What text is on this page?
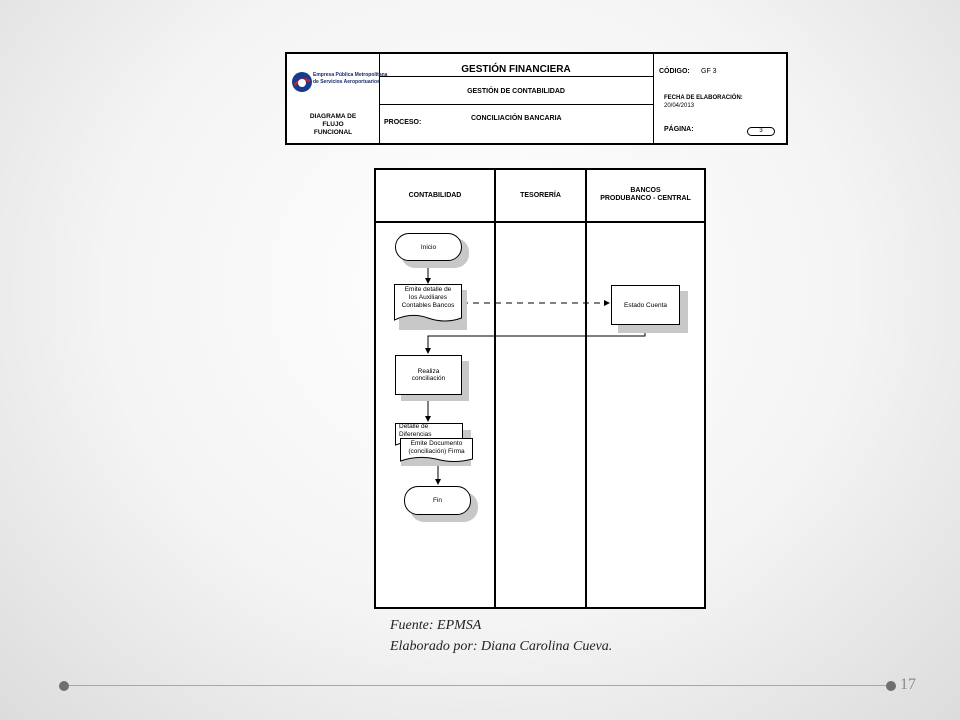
Empresa Pública Metropolitana
de Servicios Aeroportuarios
DIAGRAMA DE
FLUJO
FUNCIONAL
GESTIÓN FINANCIERA
GESTIÓN DE CONTABILIDAD
PROCESO:
CONCILIACIÓN BANCARIA
CÓDIGO: GF 3
FECHA DE ELABORACIÓN:
20/04/2013
PÁGINA:	3
CONTABILIDAD	TESORERÍA
BANCOS
PRODUBANCO - CENTRAL
Inicio
Emite detalle de
los Auxiliares
Contables Bancos	Estado Cuenta
Realiza
conciliación
Detalle de
Diferencias
Emite Documento
(conciliación) Firma
Fin
Fuente: EPMSA
Elaborado por: Diana Carolina Cueva.
17
